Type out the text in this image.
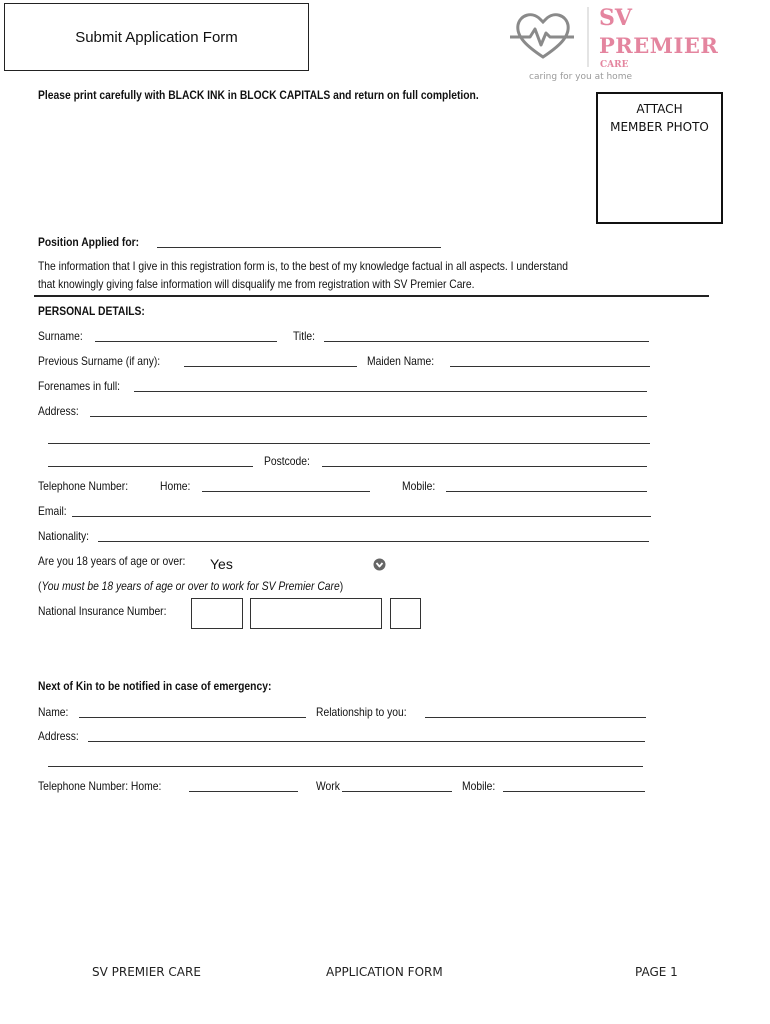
Submit Application Form
SV
PREMIER
CARE
caring for you at home
Please print carefully with BLACK INK in BLOCK CAPITALS and return on full completion.
ATTACH
MEMBER PHOTO
Position Applied for:
The information that I give in this registration form is, to the best of my knowledge factual in all aspects. I understand
that knowingly giving false information will disqualify me from registration with SV Premier Care.
PERSONAL DETAILS:
Surname:	Title:
Previous Surname (if any):	Maiden Name:
Forenames in full:
Address:
Postcode:
Telephone Number:	Home:	Mobile:
Email:
Nationality:
Are you 18 years of age or over: Yes
(You must be 18 years of age or over to work for SV Premier Care)
National Insurance Number:
Next of Kin to be notified in case of emergency:
Name:	Relationship to you:
Address:
Telephone Number: Home:	Work	Mobile:
SV PREMIER CARE	APPLICATION FORM	PAGE 1
